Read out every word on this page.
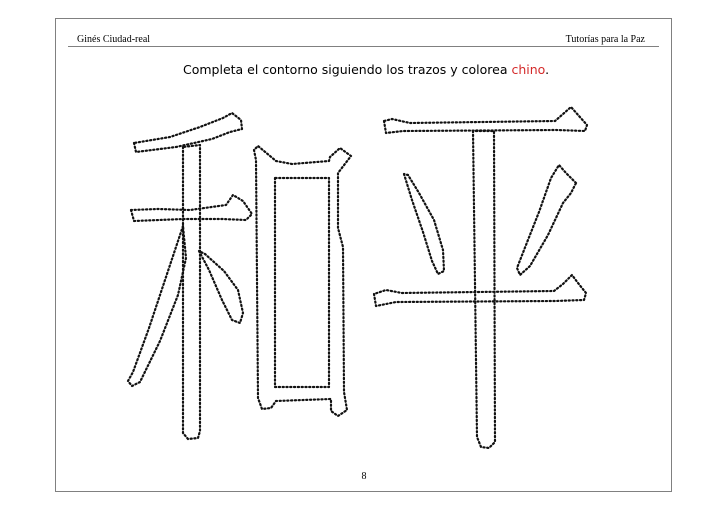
Ginés Ciudad-real	Tutorías para la Paz
Completa el contorno siguiendo los trazos y colorea chino.
8
